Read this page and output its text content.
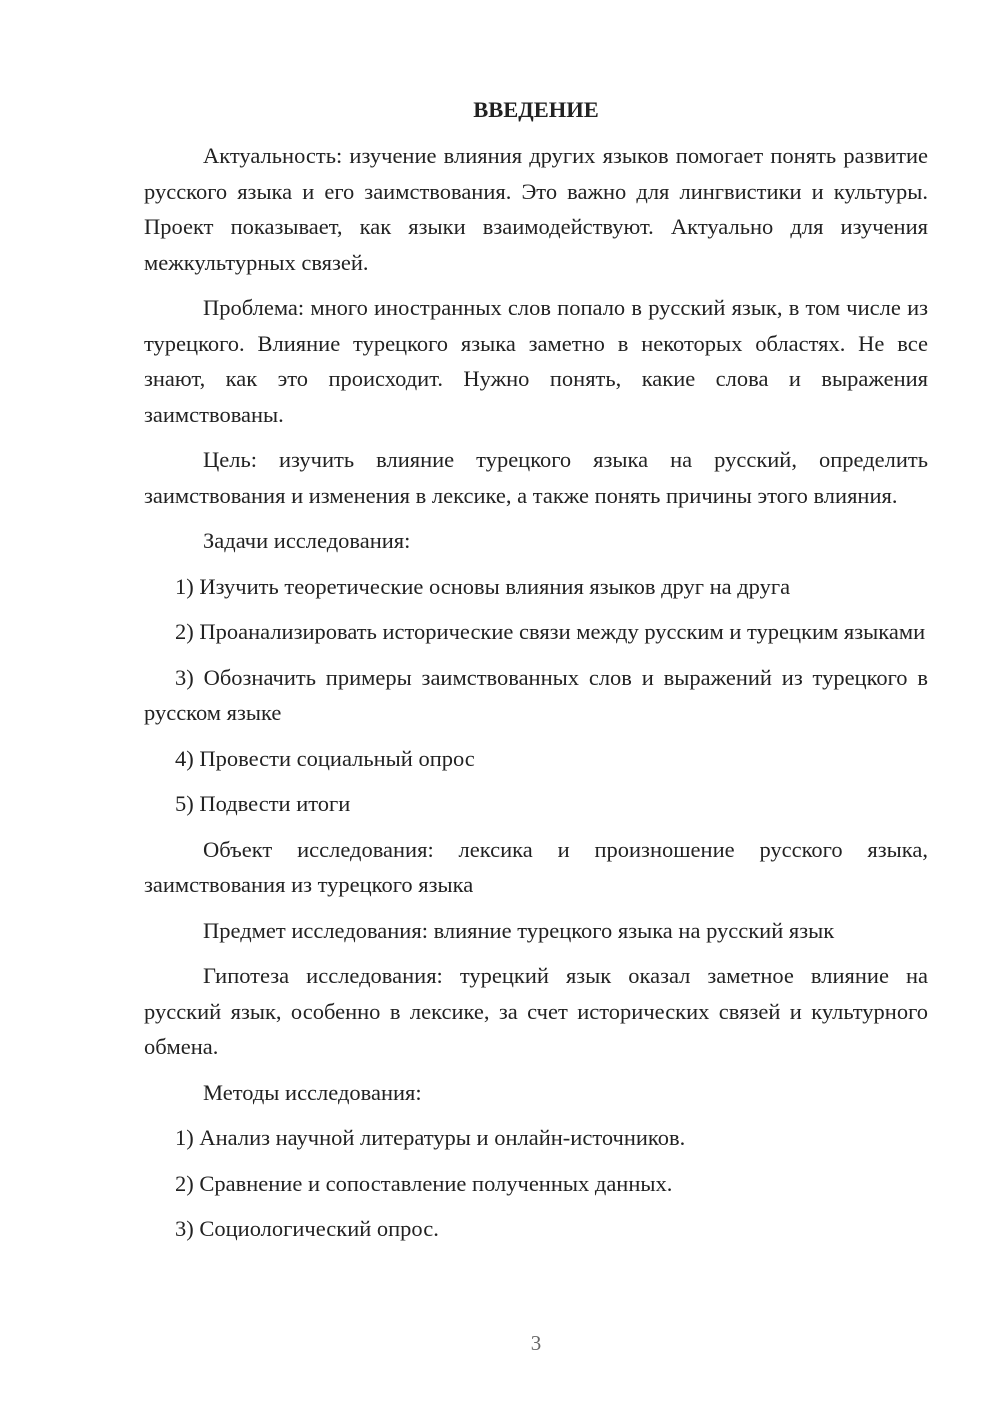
ВВЕДЕНИЕ

Актуальность: изучение влияния других языков помогает понять развитие русского языка и его заимствования. Это важно для лингвистики и культуры. Проект показывает, как языки взаимодействуют. Актуально для изучения межкультурных связей.

Проблема: много иностранных слов попало в русский язык, в том числе из турецкого. Влияние турецкого языка заметно в некоторых областях. Не все знают, как это происходит. Нужно понять, какие слова и выражения заимствованы.

Цель: изучить влияние турецкого языка на русский, определить заимствования и изменения в лексике, а также понять причины этого влияния.

Задачи исследования:

1) Изучить теоретические основы влияния языков друг на друга

2) Проанализировать исторические связи между русским и турецким языками

3) Обозначить примеры заимствованных слов и выражений из турецкого в русском языке

4) Провести социальный опрос

5) Подвести итоги

Объект исследования: лексика и произношение русского языка, заимствования из турецкого языка

Предмет исследования: влияние турецкого языка на русский язык

Гипотеза исследования: турецкий язык оказал заметное влияние на русский язык, особенно в лексике, за счет исторических связей и культурного обмена.

Методы исследования:

1) Анализ научной литературы и онлайн-источников.

2) Сравнение и сопоставление полученных данных.

3) Социологический опрос.

3
